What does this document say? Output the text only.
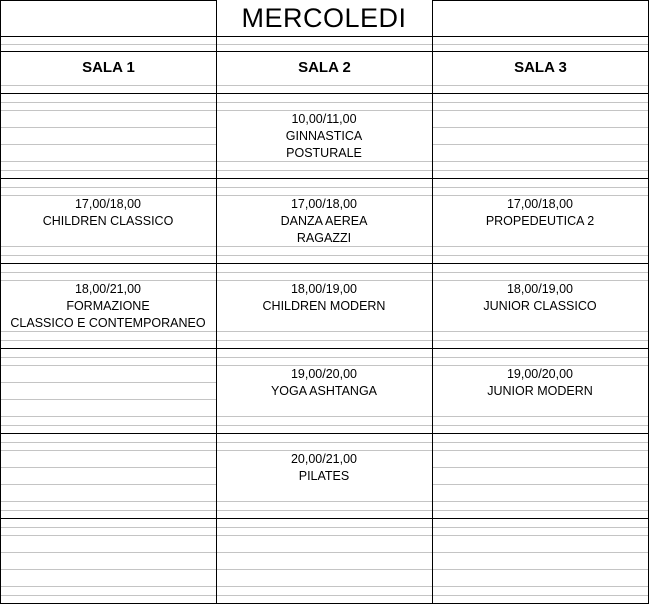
MERCOLEDI
SALA 1	SALA 2	SALA 3
10,00/11,00
GINNASTICA
POSTURALE
17,00/18,00
CHILDREN CLASSICO
17,00/18,00
DANZA AEREA
RAGAZZI
17,00/18,00
PROPEDEUTICA 2
18,00/21,00
FORMAZIONE
CLASSICO E CONTEMPORANEO
18,00/19,00
CHILDREN MODERN
18,00/19,00
JUNIOR CLASSICO
19,00/20,00
YOGA ASHTANGA
19,00/20,00
JUNIOR MODERN
20,00/21,00
PILATES
